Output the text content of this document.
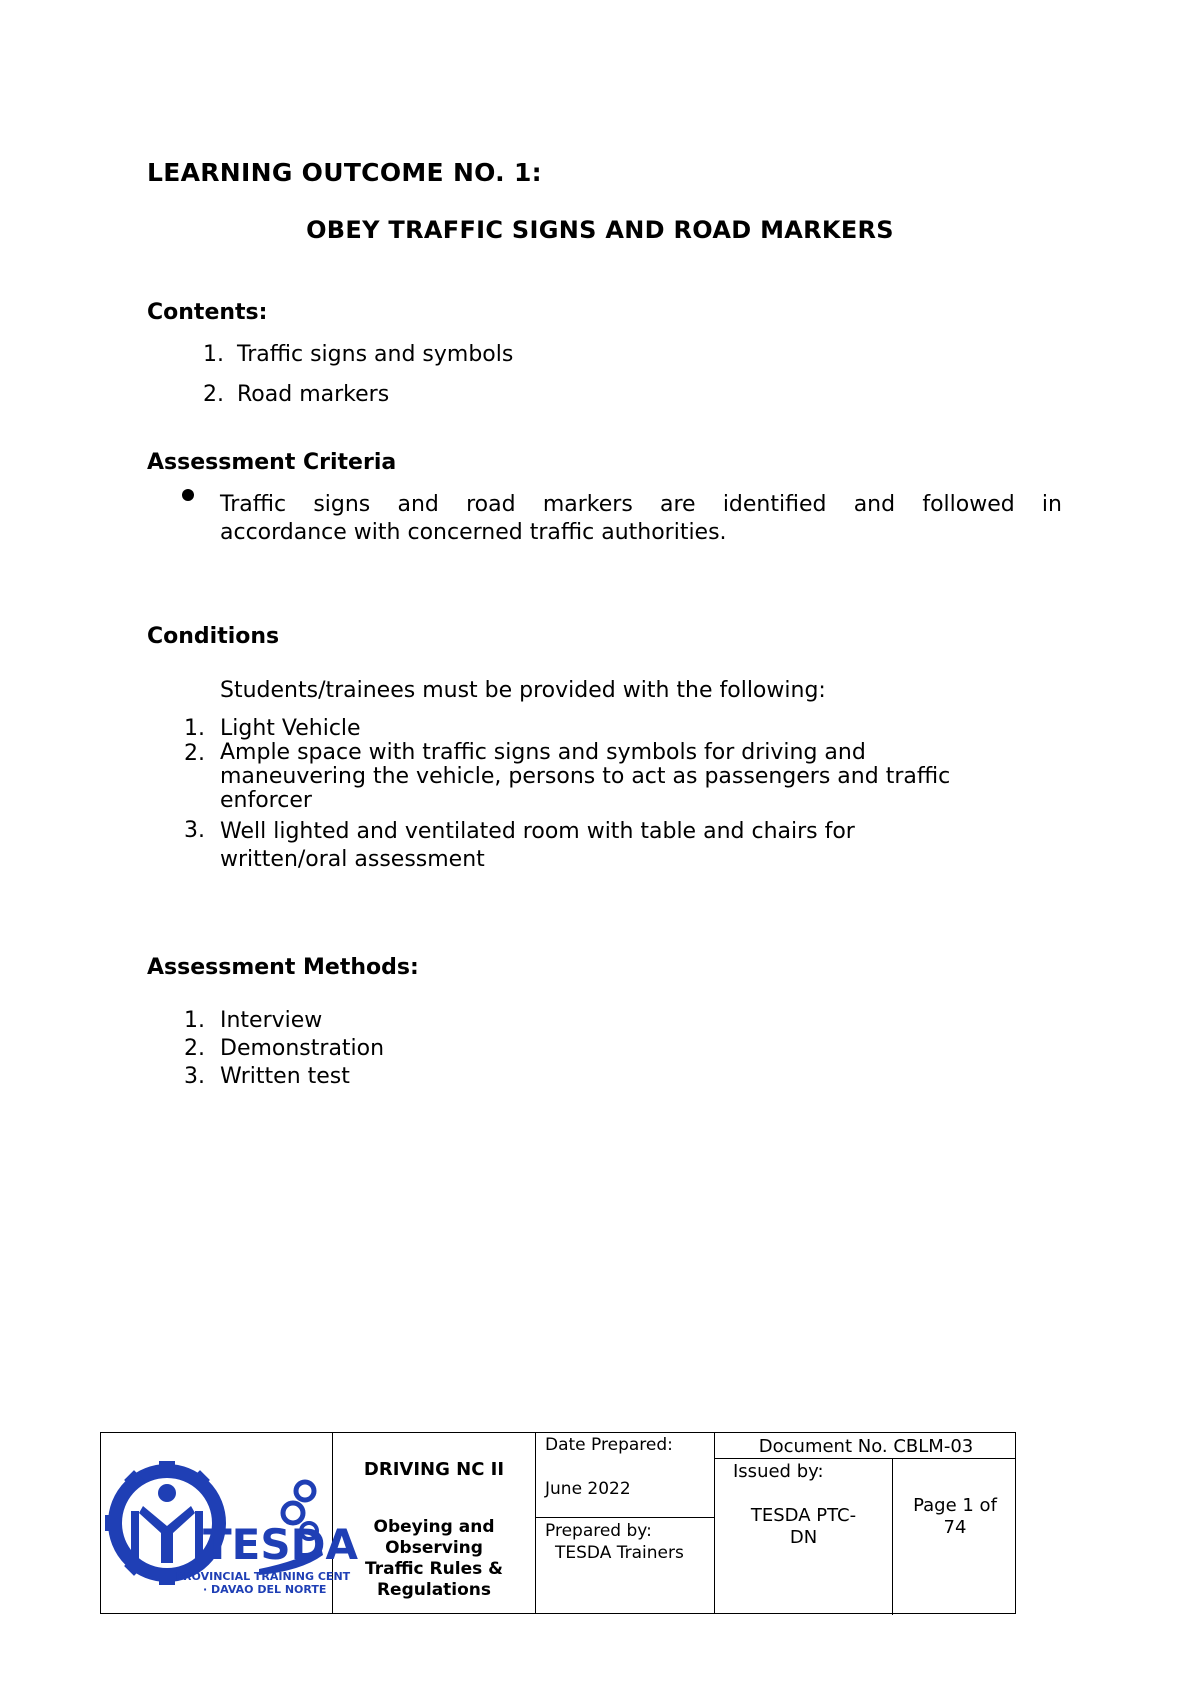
LEARNING OUTCOME NO. 1:
OBEY TRAFFIC SIGNS AND ROAD MARKERS
Contents:
1. Traffic signs and symbols
2. Road markers
Assessment Criteria
Traffic signs and road markers are identified and followed in
accordance with concerned traffic authorities.
Conditions
Students/trainees must be provided with the following:
1. Light Vehicle
2. Ample space with traffic signs and symbols for driving and
maneuvering the vehicle, persons to act as passengers and traffic
enforcer
3. Well lighted and ventilated room with table and chairs for
written/oral assessment
Assessment Methods:
1. Interview
2. Demonstration
3. Written test
TESDA
PROVINCIAL TRAINING CENT
· DAVAO DEL NORTE
DRIVING NC II
Obeying and
Observing
Traffic Rules &
Regulations
Date Prepared:
June 2022
Prepared by:
TESDA Trainers
Document No. CBLM-03
Issued by:
TESDA PTC-
DN
Page 1 of
74
